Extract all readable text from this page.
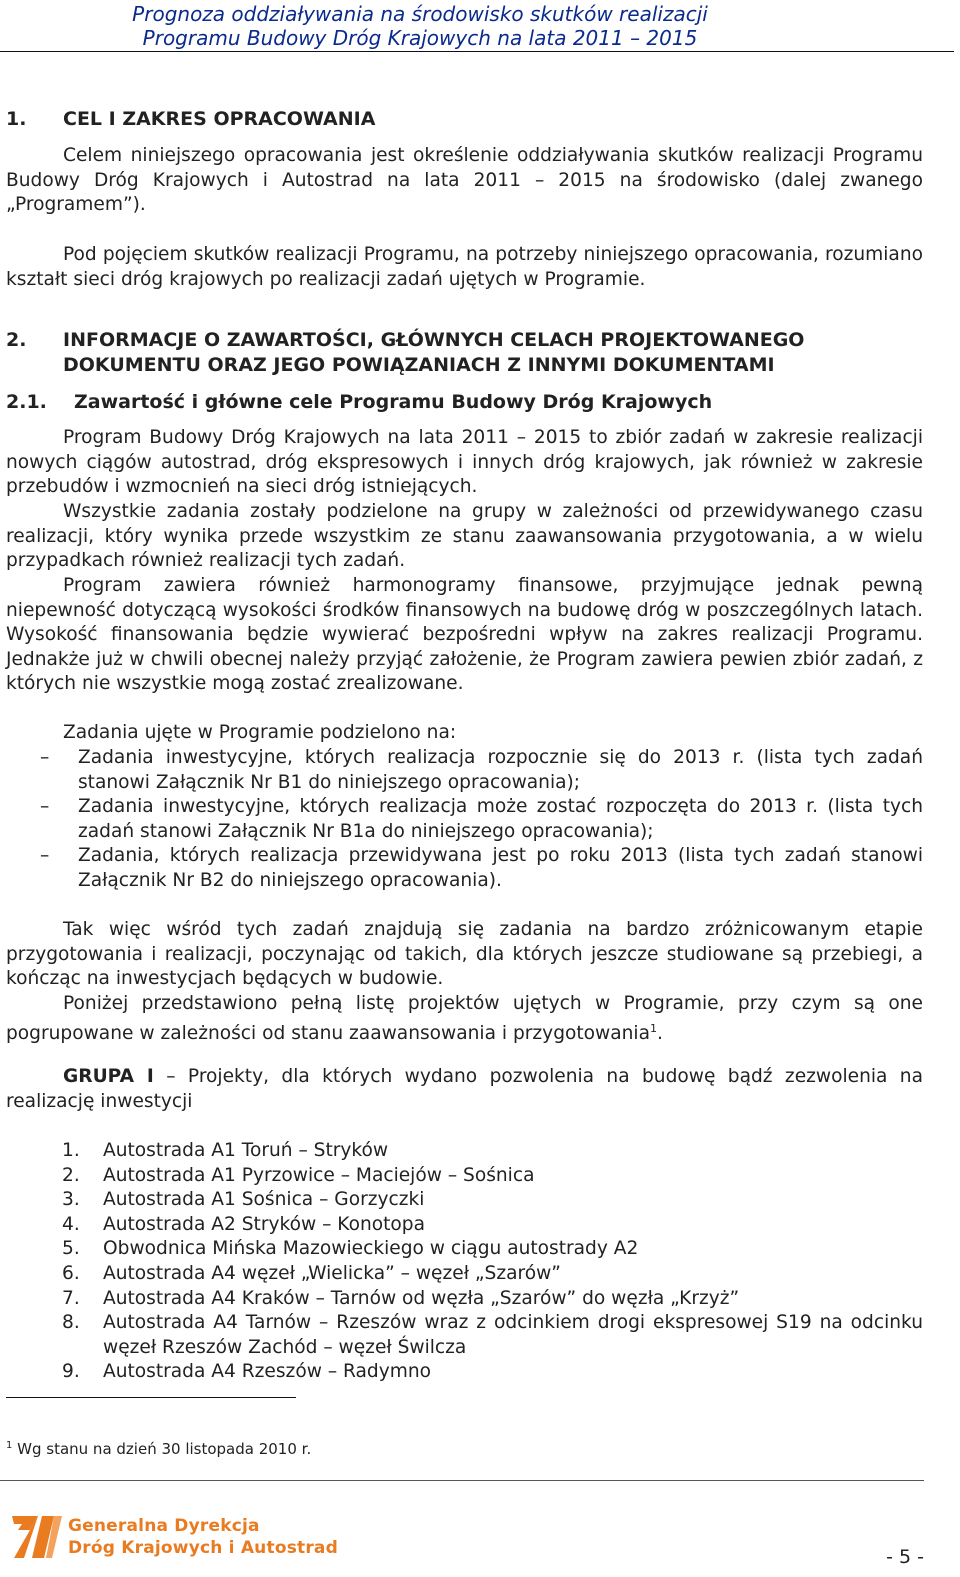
Prognoza oddziaływania na środowisko skutków realizacji
Programu Budowy Dróg Krajowych na lata 2011 – 2015
1. CEL I ZAKRES OPRACOWANIA
Celem niniejszego opracowania jest określenie oddziaływania skutków realizacji Programu Budowy Dróg Krajowych i Autostrad na lata 2011 – 2015 na środowisko (dalej zwanego „Programem”).
Pod pojęciem skutków realizacji Programu, na potrzeby niniejszego opracowania, rozumiano kształt sieci dróg krajowych po realizacji zadań ujętych w Programie.
2. INFORMACJE O ZAWARTOŚCI, GŁÓWNYCH CELACH PROJEKTOWANEGO
DOKUMENTU ORAZ JEGO POWIĄZANIACH Z INNYMI DOKUMENTAMI
2.1. Zawartość i główne cele Programu Budowy Dróg Krajowych
Program Budowy Dróg Krajowych na lata 2011 – 2015 to zbiór zadań w zakresie realizacji nowych ciągów autostrad, dróg ekspresowych i innych dróg krajowych, jak również w zakresie przebudów i wzmocnień na sieci dróg istniejących.
Wszystkie zadania zostały podzielone na grupy w zależności od przewidywanego czasu realizacji, który wynika przede wszystkim ze stanu zaawansowania przygotowania, a w wielu przypadkach również realizacji tych zadań.
Program zawiera również harmonogramy finansowe, przyjmujące jednak pewną niepewność dotyczącą wysokości środków finansowych na budowę dróg w poszczególnych latach. Wysokość finansowania będzie wywierać bezpośredni wpływ na zakres realizacji Programu. Jednakże już w chwili obecnej należy przyjąć założenie, że Program zawiera pewien zbiór zadań, z których nie wszystkie mogą zostać zrealizowane.
Zadania ujęte w Programie podzielono na:
– Zadania inwestycyjne, których realizacja rozpocznie się do 2013 r. (lista tych zadań stanowi Załącznik Nr B1 do niniejszego opracowania);
– Zadania inwestycyjne, których realizacja może zostać rozpoczęta do 2013 r. (lista tych zadań stanowi Załącznik Nr B1a do niniejszego opracowania);
– Zadania, których realizacja przewidywana jest po roku 2013 (lista tych zadań stanowi Załącznik Nr B2 do niniejszego opracowania).
Tak więc wśród tych zadań znajdują się zadania na bardzo zróżnicowanym etapie przygotowania i realizacji, poczynając od takich, dla których jeszcze studiowane są przebiegi, a kończąc na inwestycjach będących w budowie.
Poniżej przedstawiono pełną listę projektów ujętych w Programie, przy czym są one pogrupowane w zależności od stanu zaawansowania i przygotowania$^1$.
GRUPA I – Projekty, dla których wydano pozwolenia na budowę bądź zezwolenia na realizację inwestycji
1.	Autostrada A1 Toruń – Stryków
2.	Autostrada A1 Pyrzowice – Maciejów – Sośnica
3.	Autostrada A1 Sośnica – Gorzyczki
4.	Autostrada A2 Stryków – Konotopa
5.	Obwodnica Mińska Mazowieckiego w ciągu autostrady A2
6.	Autostrada A4 węzeł „Wielicka” – węzeł „Szarów”
7.	Autostrada A4 Kraków – Tarnów od węzła „Szarów” do węzła „Krzyż”
8.	Autostrada A4 Tarnów – Rzeszów wraz z odcinkiem drogi ekspresowej S19 na odcinku węzeł Rzeszów Zachód – węzeł Świlcza
9.	Autostrada A4 Rzeszów – Radymno
$^1$ Wg stanu na dzień 30 listopada 2010 r.
Generalna Dyrekcja
Dróg Krajowych i Autostrad	- 5 -
